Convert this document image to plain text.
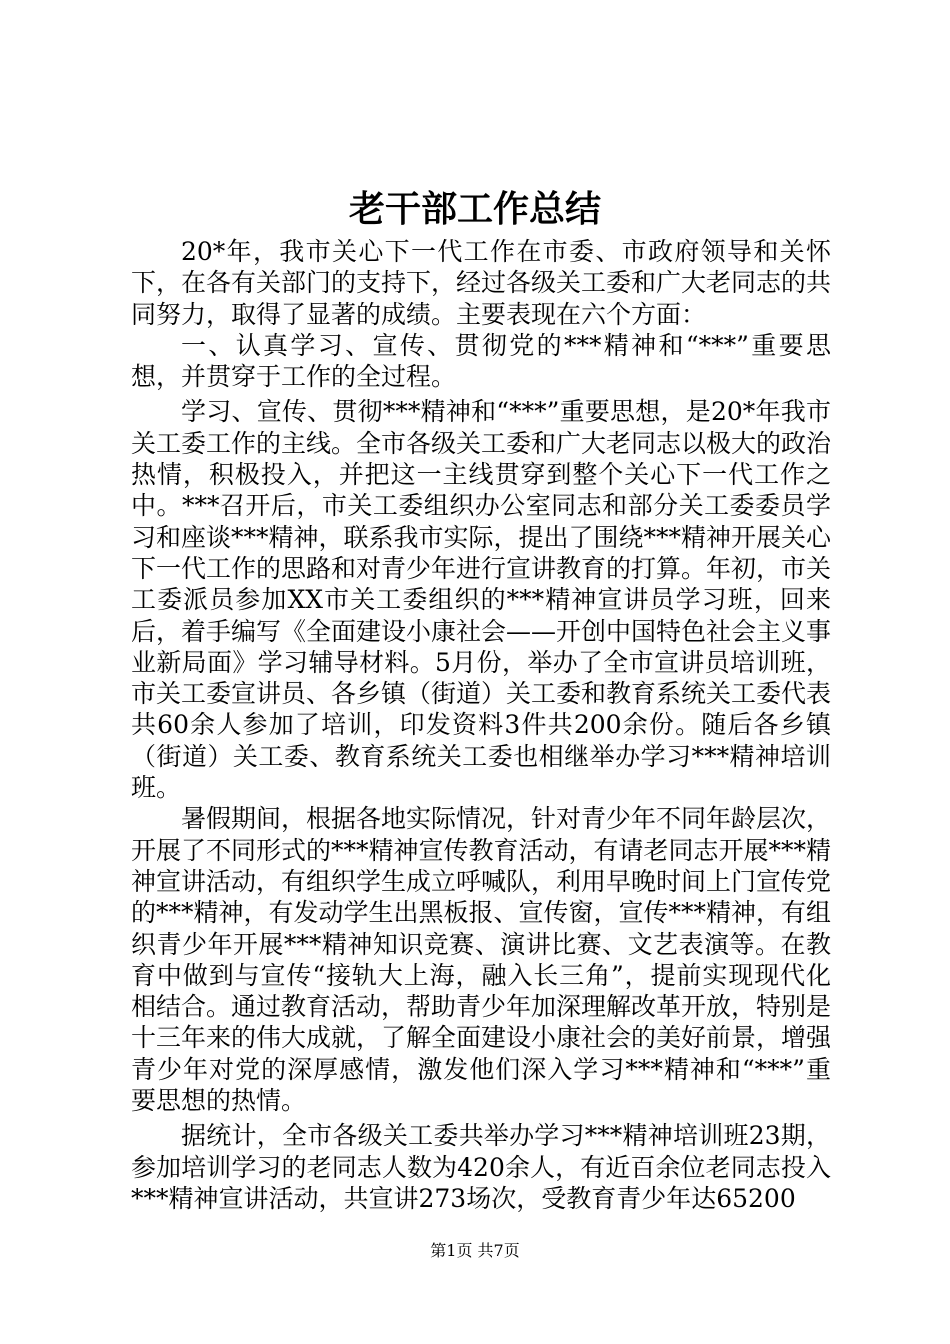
老干部工作总结

20*年，我市关心下一代工作在市委、市政府领导和关怀下，在各有关部门的支持下，经过各级关工委和广大老同志的共同努力，取得了显著的成绩。主要表现在六个方面：

一、认真学习、宣传、贯彻党的***精神和“***”重要思想，并贯穿于工作的全过程。

学习、宣传、贯彻***精神和“***”重要思想，是20*年我市关工委工作的主线。全市各级关工委和广大老同志以极大的政治热情，积极投入，并把这一主线贯穿到整个关心下一代工作之中。***召开后，市关工委组织办公室同志和部分关工委委员学习和座谈***精神，联系我市实际，提出了围绕***精神开展关心下一代工作的思路和对青少年进行宣讲教育的打算。年初，市关工委派员参加XX市关工委组织的***精神宣讲员学习班，回来后，着手编写《全面建设小康社会——开创中国特色社会主义事业新局面》学习辅导材料。5月份，举办了全市宣讲员培训班，市关工委宣讲员、各乡镇（街道）关工委和教育系统关工委代表共60余人参加了培训，印发资料3件共200余份。随后各乡镇（街道）关工委、教育系统关工委也相继举办学习***精神培训班。

暑假期间，根据各地实际情况，针对青少年不同年龄层次，开展了不同形式的***精神宣传教育活动，有请老同志开展***精神宣讲活动，有组织学生成立呼喊队，利用早晚时间上门宣传党的***精神，有发动学生出黑板报、宣传窗，宣传***精神，有组织青少年开展***精神知识竞赛、演讲比赛、文艺表演等。在教育中做到与宣传“接轨大上海，融入长三角”，提前实现现代化相结合。通过教育活动，帮助青少年加深理解改革开放，特别是十三年来的伟大成就，了解全面建设小康社会的美好前景，增强青少年对党的深厚感情，激发他们深入学习***精神和“***”重要思想的热情。

据统计，全市各级关工委共举办学习***精神培训班23期，参加培训学习的老同志人数为420余人，有近百余位老同志投入***精神宣讲活动，共宣讲273场次，受教育青少年达65200

第1页 共7页
